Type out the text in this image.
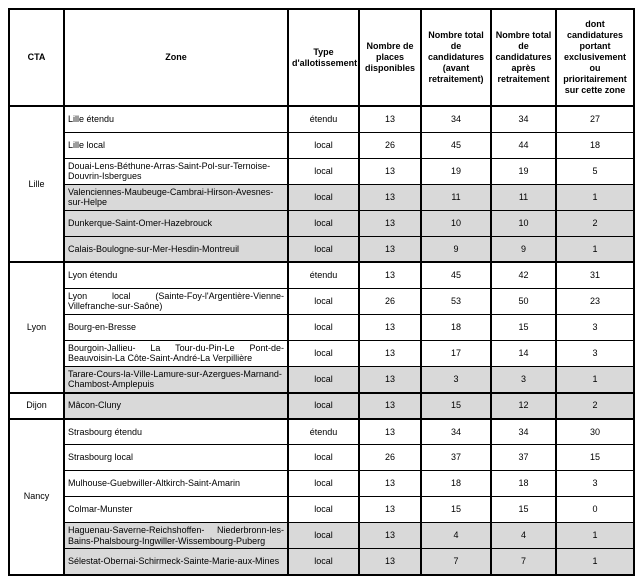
CTA	Zone	Type d'allotissement	Nombre de places disponibles	Nombre total de candidatures (avant retraitement)	Nombre total de candidatures après retraitement	dont candidatures portant exclusivement ou prioritairement sur cette zone
Lille	Lille étendu	étendu	13	34	34	27
	Lille local	local	26	45	44	18
	Douai-Lens-Béthune-Arras-Saint-Pol-sur-Ternoise-Douvrin-Isbergues	local	13	19	19	5
	Valenciennes-Maubeuge-Cambrai-Hirson-Avesnes-sur-Helpe	local	13	11	11	1
	Dunkerque-Saint-Omer-Hazebrouck	local	13	10	10	2
	Calais-Boulogne-sur-Mer-Hesdin-Montreuil	local	13	9	9	1
Lyon	Lyon étendu	étendu	13	45	42	31
	Lyon local (Sainte-Foy-l'Argentière-Vienne-Villefranche-sur-Saône)	local	26	53	50	23
	Bourg-en-Bresse	local	13	18	15	3
	Bourgoin-Jallieu- La Tour-du-Pin-Le Pont-de-Beauvoisin-La Côte-Saint-André-La Verpillière	local	13	17	14	3
	Tarare-Cours-la-Ville-Lamure-sur-Azergues-Marnand-Chambost-Amplepuis	local	13	3	3	1
Dijon	Mâcon-Cluny	local	13	15	12	2
Nancy	Strasbourg étendu	étendu	13	34	34	30
	Strasbourg local	local	26	37	37	15
	Mulhouse-Guebwiller-Altkirch-Saint-Amarin	local	13	18	18	3
	Colmar-Munster	local	13	15	15	0
	Haguenau-Saverne-Reichshoffen- Niederbronn-les-Bains-Phalsbourg-Ingwiller-Wissembourg-Puberg	local	13	4	4	1
	Sélestat-Obernai-Schirmeck-Sainte-Marie-aux-Mines	local	13	7	7	1
